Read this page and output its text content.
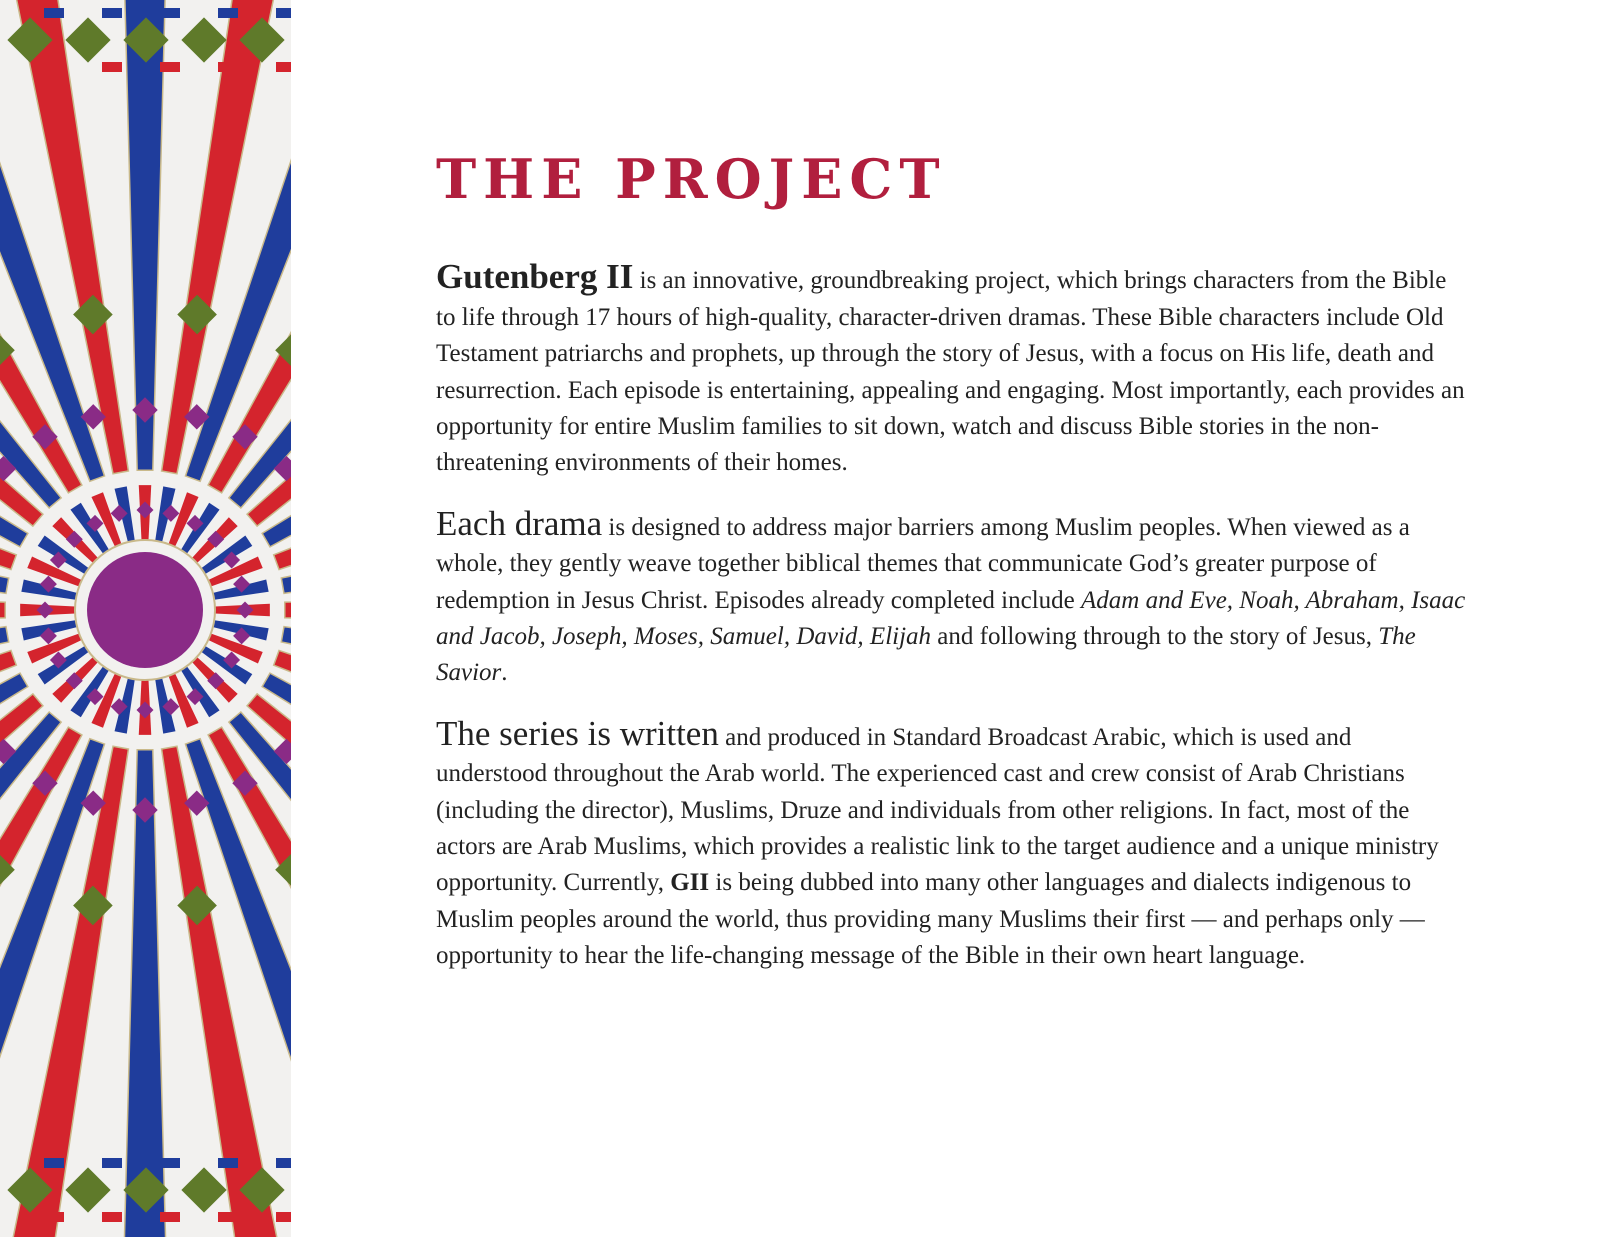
THE PROJECT

Gutenberg II is an innovative, groundbreaking project, which brings characters from the Bible to life through 17 hours of high-quality, character-driven dramas. These Bible characters include Old Testament patriarchs and prophets, up through the story of Jesus, with a focus on His life, death and resurrection. Each episode is entertaining, appealing and engaging. Most importantly, each provides an opportunity for entire Muslim families to sit down, watch and discuss Bible stories in the non-threatening environments of their homes.

Each drama is designed to address major barriers among Muslim peoples. When viewed as a whole, they gently weave together biblical themes that communicate God’s greater purpose of redemption in Jesus Christ. Episodes already completed include Adam and Eve, Noah, Abraham, Isaac and Jacob, Joseph, Moses, Samuel, David, Elijah and following through to the story of Jesus, The Savior.

The series is written and produced in Standard Broadcast Arabic, which is used and understood throughout the Arab world. The experienced cast and crew consist of Arab Christians (including the director), Muslims, Druze and individuals from other religions. In fact, most of the actors are Arab Muslims, which provides a realistic link to the target audience and a unique ministry opportunity. Currently, GII is being dubbed into many other languages and dialects indigenous to Muslim peoples around the world, thus providing many Muslims their first — and perhaps only — opportunity to hear the life-changing message of the Bible in their own heart language.
